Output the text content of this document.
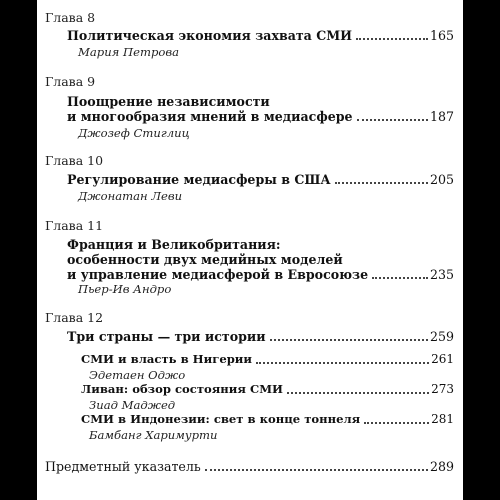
Глава 8
Политическая экономия захвата СМИ	165
Мария Петрова
Глава 9
Поощрение независимости
и многообразия мнений в медиасфере	187
Джозеф Стиглиц
Глава 10
Регулирование медиасферы в США	205
Джонатан Леви
Глава 11
Франция и Великобритания:
особенности двух медийных моделей
и управление медиасферой в Евросоюзе	235
Пьер-Ив Андро
Глава 12
Три страны — три истории	259
СМИ и власть в Нигерии	261
Эдетаен Оджо
Ливан: обзор состояния СМИ	273
Зиад Маджед
СМИ в Индонезии: свет в конце тоннеля	281
Бамбанг Харимурти
Предметный указатель	289
